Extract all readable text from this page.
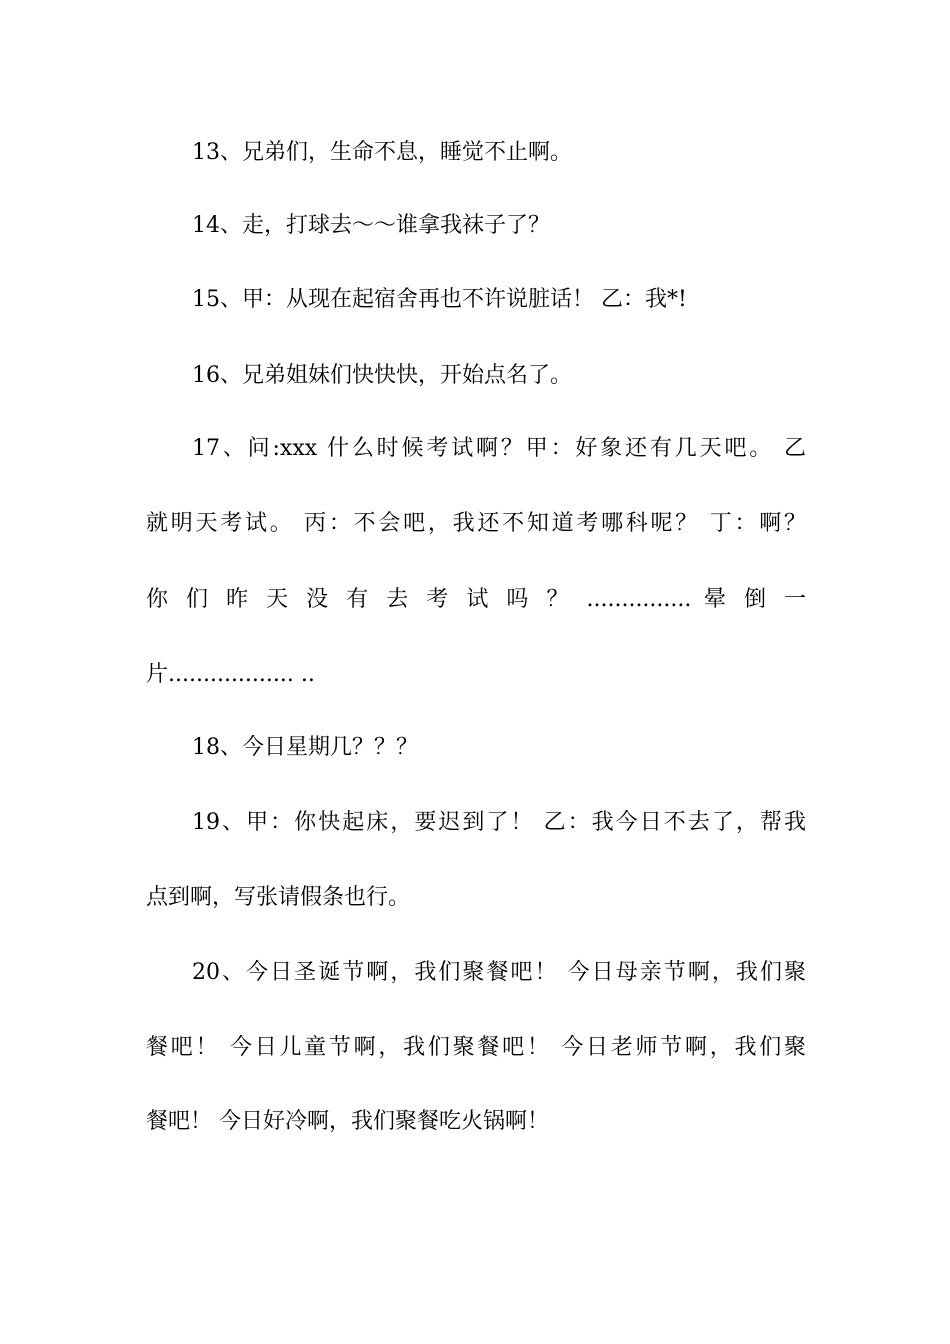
13、兄弟们，生命不息，睡觉不止啊。
14、走，打球去～～谁拿我袜子了？
15、甲：从现在起宿舍再也不许说脏话！ 乙：我*!
16、兄弟姐妹们快快快，开始点名了。
17、问:xxx 什么时候考试啊？甲：好象还有几天吧。 乙
就明天考试。 丙：不会吧，我还不知道考哪科呢？ 丁：啊？
你 们 昨 天 没 有 去 考 试 吗 ？ ............... 晕 倒 一
片.................. ..
18、今日星期几？？？
19、甲：你快起床，要迟到了！ 乙：我今日不去了，帮我
点到啊，写张请假条也行。
20、今日圣诞节啊，我们聚餐吧！ 今日母亲节啊，我们聚
餐吧！ 今日儿童节啊，我们聚餐吧！ 今日老师节啊，我们聚
餐吧！ 今日好冷啊，我们聚餐吃火锅啊！
